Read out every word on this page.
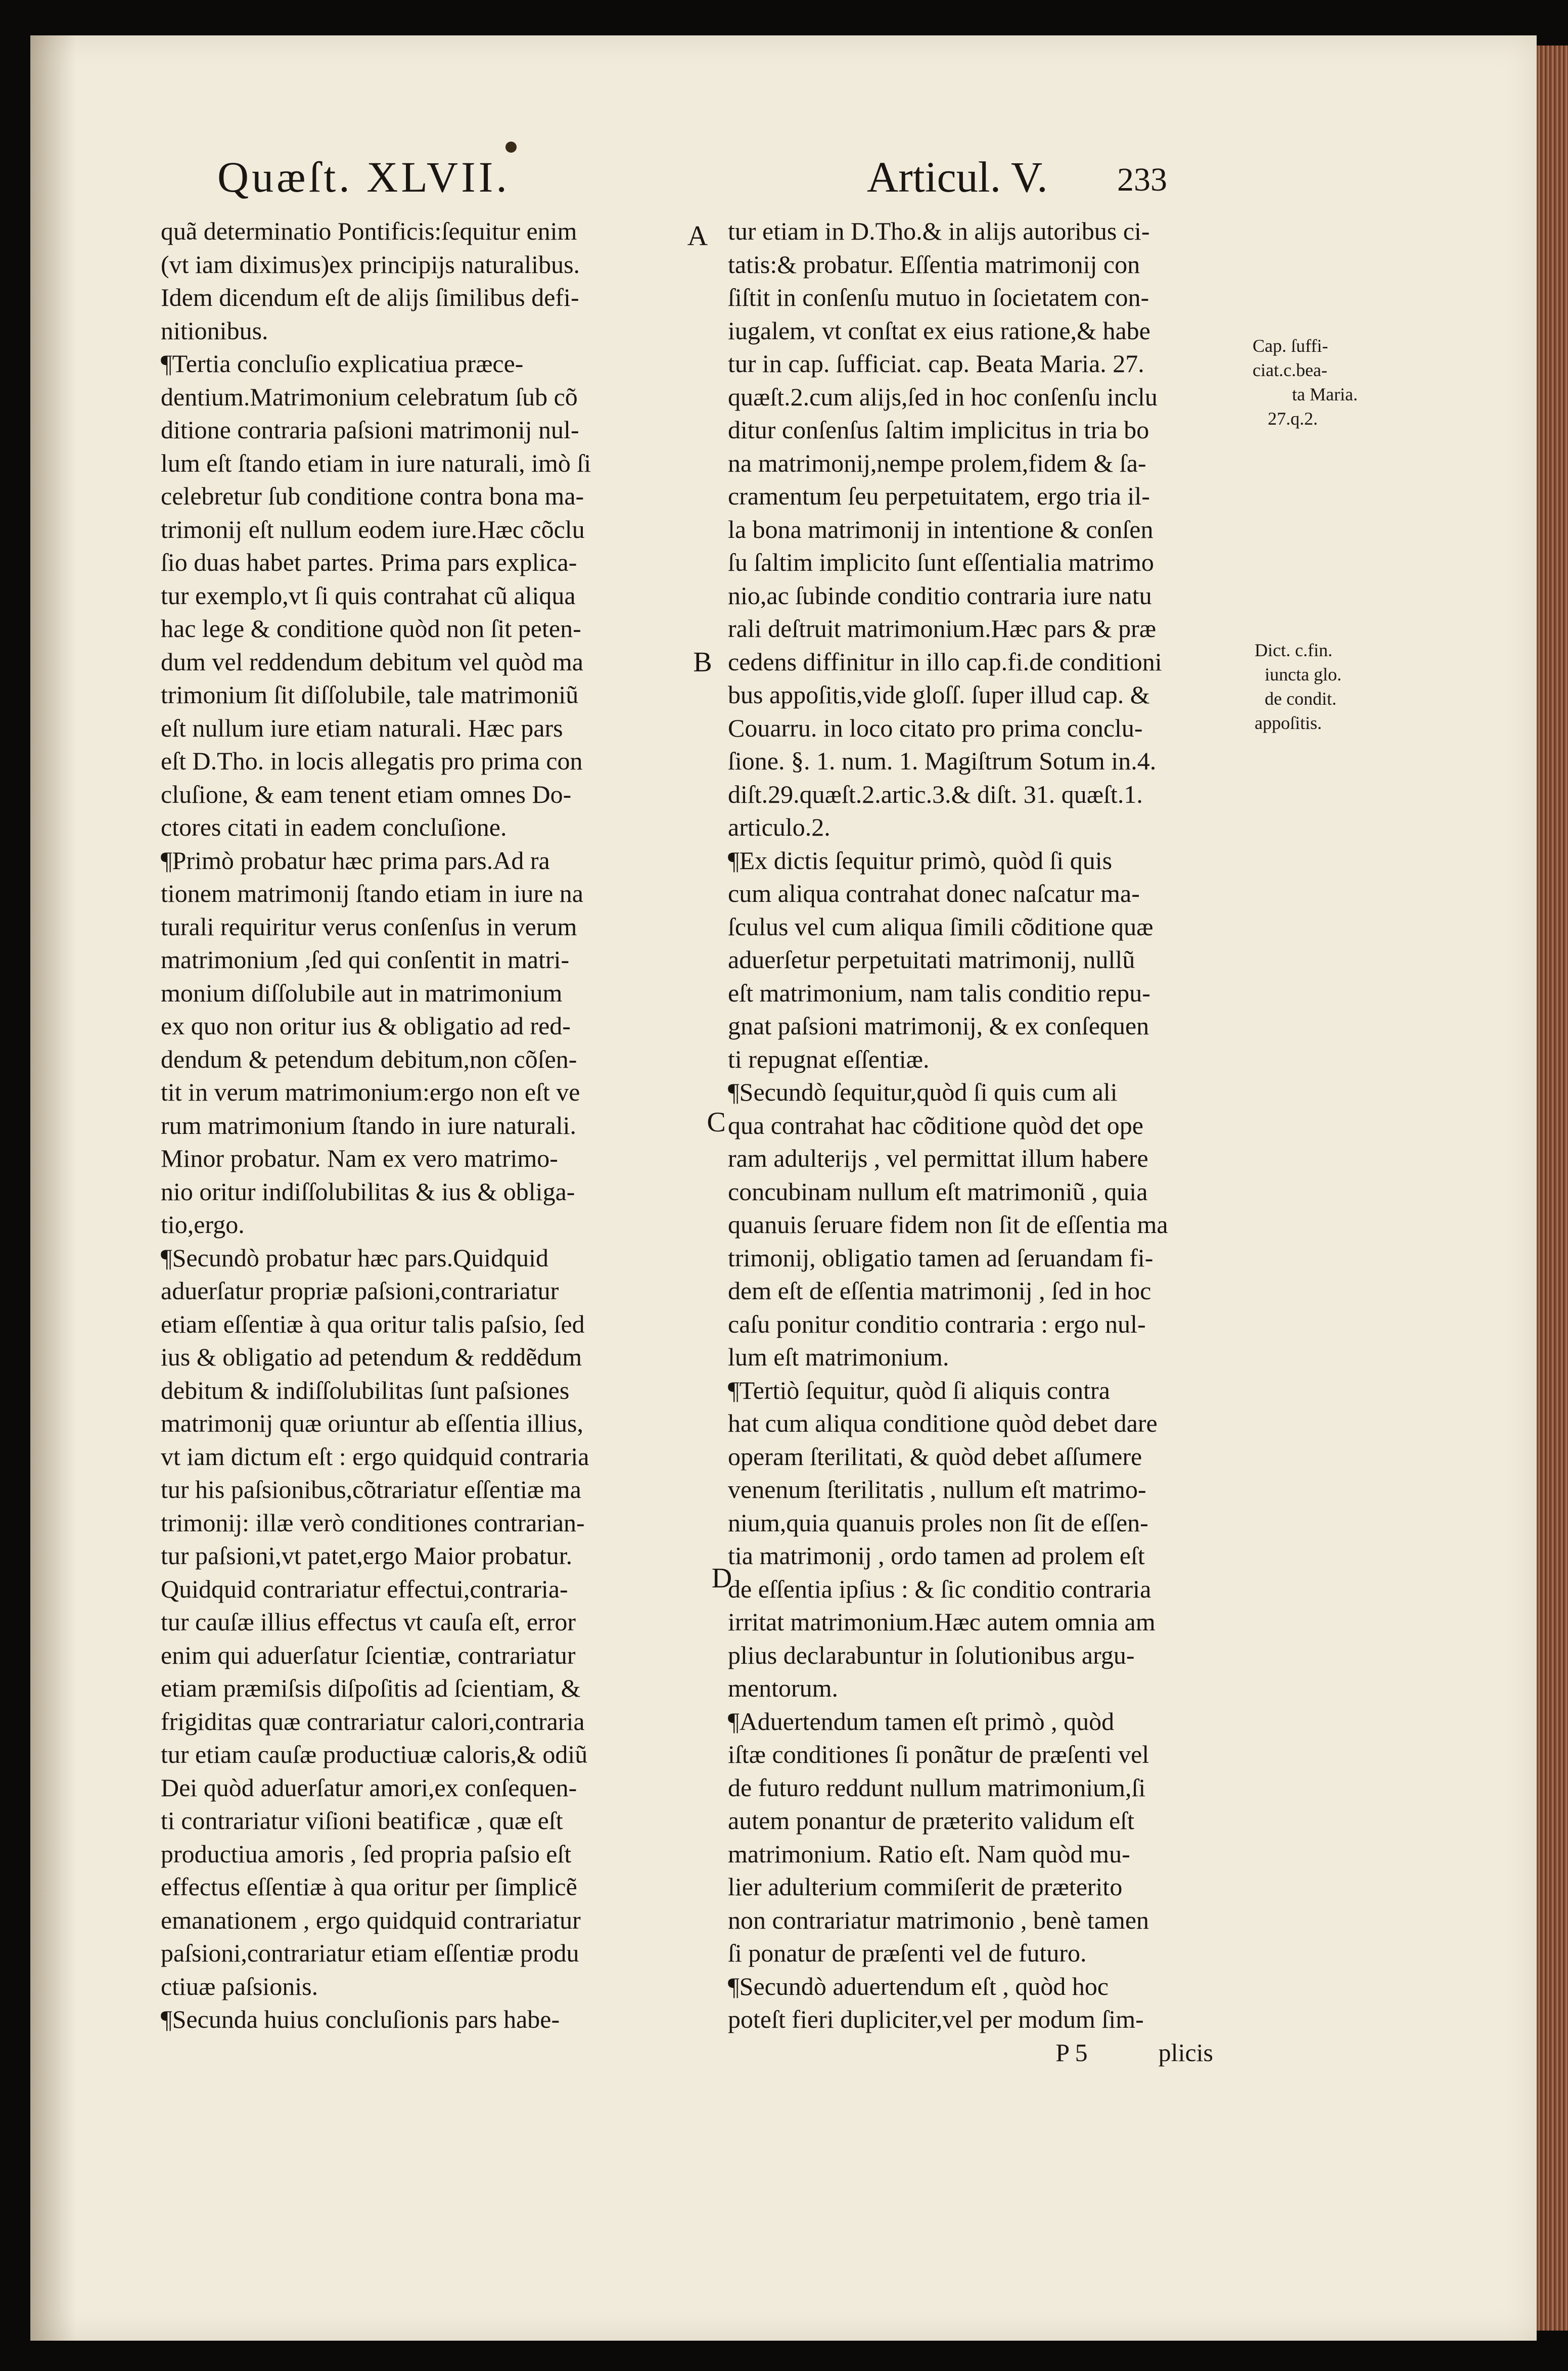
Quæſt. XLVII.	Articul. V. 233
quã determinatio Pontificis:ſequitur enim
(vt iam diximus)ex principijs naturalibus.
Idem dicendum eſt de alijs ſimilibus defi-
nitionibus.
¶Tertia concluſio explicatiua præce-
dentium.Matrimonium celebratum ſub cõ
ditione contraria paſsioni matrimonij nul-
lum eſt ſtando etiam in iure naturali, imò ſi
celebretur ſub conditione contra bona ma-
trimonij eſt nullum eodem iure.Hæc cõclu
ſio duas habet partes. Prima pars explica-
tur exemplo,vt ſi quis contrahat cũ aliqua
hac lege & conditione quòd non ſit peten-
dum vel reddendum debitum vel quòd ma
trimonium ſit diſſolubile, tale matrimoniũ
eſt nullum iure etiam naturali. Hæc pars
eſt D.Tho. in locis allegatis pro prima con
cluſione, & eam tenent etiam omnes Do-
ctores citati in eadem concluſione.
¶Primò probatur hæc prima pars.Ad ra
tionem matrimonij ſtando etiam in iure na
turali requiritur verus conſenſus in verum
matrimonium ,ſed qui conſentit in matri-
monium diſſolubile aut in matrimonium
ex quo non oritur ius & obligatio ad red-
dendum & petendum debitum,non cõſen-
tit in verum matrimonium:ergo non eſt ve
rum matrimonium ſtando in iure naturali.
Minor probatur. Nam ex vero matrimo-
nio oritur indiſſolubilitas & ius & obliga-
tio,ergo.
¶Secundò probatur hæc pars.Quidquid
aduerſatur propriæ paſsioni,contrariatur
etiam eſſentiæ à qua oritur talis paſsio, ſed
ius & obligatio ad petendum & reddẽdum
debitum & indiſſolubilitas ſunt paſsiones
matrimonij quæ oriuntur ab eſſentia illius,
vt iam dictum eſt : ergo quidquid contraria
tur his paſsionibus,cõtrariatur eſſentiæ ma
trimonij: illæ verò conditiones contrarian-
tur paſsioni,vt patet,ergo Maior probatur.
Quidquid contrariatur effectui,contraria-
tur cauſæ illius effectus vt cauſa eſt, error
enim qui aduerſatur ſcientiæ, contrariatur
etiam præmiſsis diſpoſitis ad ſcientiam, &
frigiditas quæ contrariatur calori,contraria
tur etiam cauſæ productiuæ caloris,& odiũ
Dei quòd aduerſatur amori,ex conſequen-
ti contrariatur viſioni beatificæ , quæ eſt
productiua amoris , ſed propria paſsio eſt
effectus eſſentiæ à qua oritur per ſimplicẽ
emanationem , ergo quidquid contrariatur
paſsioni,contrariatur etiam eſſentiæ produ
ctiuæ paſsionis.
¶Secunda huius concluſionis pars habe-
tur etiam in D.Tho.& in alijs autoribus ci-
tatis:& probatur. Eſſentia matrimonij con
ſiſtit in conſenſu mutuo in ſocietatem con-
iugalem, vt conſtat ex eius ratione,& habe
tur in cap. ſufficiat. cap. Beata Maria. 27.
quæſt.2.cum alijs,ſed in hoc conſenſu inclu
ditur conſenſus ſaltim implicitus in tria bo
na matrimonij,nempe prolem,fidem & ſa-
cramentum ſeu perpetuitatem, ergo tria il-
la bona matrimonij in intentione & conſen
ſu ſaltim implicito ſunt eſſentialia matrimo
nio,ac ſubinde conditio contraria iure natu
rali deſtruit matrimonium.Hæc pars & præ
cedens diffinitur in illo cap.fi.de conditioni
bus appoſitis,vide gloſſ. ſuper illud cap. &
Couarru. in loco citato pro prima conclu-
ſione. §. 1. num. 1. Magiſtrum Sotum in.4.
diſt.29.quæſt.2.artic.3.& diſt. 31. quæſt.1.
articulo.2.
¶Ex dictis ſequitur primò, quòd ſi quis
cum aliqua contrahat donec naſcatur ma-
ſculus vel cum aliqua ſimili cõditione quæ
aduerſetur perpetuitati matrimonij, nullũ
eſt matrimonium, nam talis conditio repu-
gnat paſsioni matrimonij, & ex conſequen
ti repugnat eſſentiæ.
¶Secundò ſequitur,quòd ſi quis cum ali
qua contrahat hac cõditione quòd det ope
ram adulterijs , vel permittat illum habere
concubinam nullum eſt matrimoniũ , quia
quanuis ſeruare fidem non ſit de eſſentia ma
trimonij, obligatio tamen ad ſeruandam fi-
dem eſt de eſſentia matrimonij , ſed in hoc
caſu ponitur conditio contraria : ergo nul-
lum eſt matrimonium.
¶Tertiò ſequitur, quòd ſi aliquis contra
hat cum aliqua conditione quòd debet dare
operam ſterilitati, & quòd debet aſſumere
venenum ſterilitatis , nullum eſt matrimo-
nium,quia quanuis proles non ſit de eſſen-
tia matrimonij , ordo tamen ad prolem eſt
de eſſentia ipſius : & ſic conditio contraria
irritat matrimonium.Hæc autem omnia am
plius declarabuntur in ſolutionibus argu-
mentorum.
¶Aduertendum tamen eſt primò , quòd
iſtæ conditiones ſi ponãtur de præſenti vel
de futuro reddunt nullum matrimonium,ſi
autem ponantur de præterito validum eſt
matrimonium. Ratio eſt. Nam quòd mu-
lier adulterium commiſerit de præterito
non contrariatur matrimonio , benè tamen
ſi ponatur de præſenti vel de futuro.
¶Secundò aduertendum eſt , quòd hoc
poteſt fieri dupliciter,vel per modum ſim-
P 5	plicis
A
B
C
D
Cap. ſuffi-
ciat.c.bea-
ta Maria.
27.q.2.
Dict. c.fin.
iuncta glo.
de condit.
appoſitis.
